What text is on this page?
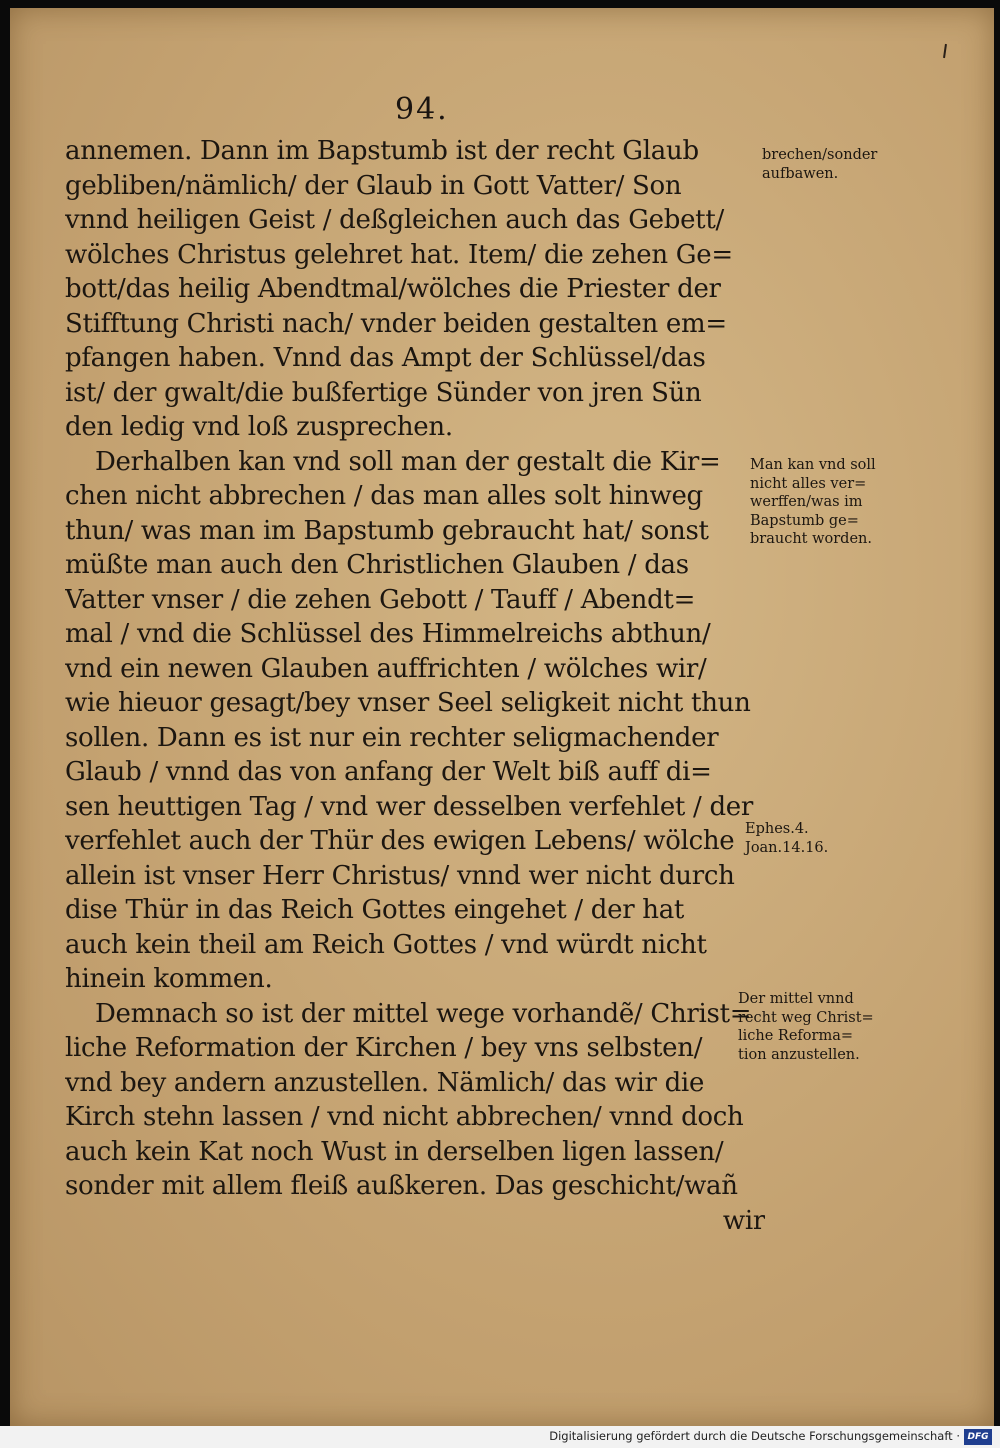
94.
annemen. Dann im Bapstumb ist der recht Glaub
gebliben/nämlich/ der Glaub in Gott Vatter/ Son
vnnd heiligen Geist / deßgleichen auch das Gebett/
wölches Christus gelehret hat. Item/ die zehen Ge=
bott/das heilig Abendtmal/wölches die Priester der
Stifftung Christi nach/ vnder beiden gestalten em=
pfangen haben. Vnnd das Ampt der Schlüssel/das
ist/ der gwalt/die bußfertige Sünder von jren Sün
den ledig vnd loß zusprechen.
Derhalben kan vnd soll man der gestalt die Kir=
chen nicht abbrechen / das man alles solt hinweg
thun/ was man im Bapstumb gebraucht hat/ sonst
müßte man auch den Christlichen Glauben / das
Vatter vnser / die zehen Gebott / Tauff / Abendt=
mal / vnd die Schlüssel des Himmelreichs abthun/
vnd ein newen Glauben auffrichten / wölches wir/
wie hieuor gesagt/bey vnser Seel seligkeit nicht thun
sollen. Dann es ist nur ein rechter seligmachender
Glaub / vnnd das von anfang der Welt biß auff di=
sen heuttigen Tag / vnd wer desselben verfehlet / der
verfehlet auch der Thür des ewigen Lebens/ wölche
allein ist vnser Herr Christus/ vnnd wer nicht durch
dise Thür in das Reich Gottes eingehet / der hat
auch kein theil am Reich Gottes / vnd würdt nicht
hinein kommen.
Demnach so ist der mittel wege vorhandẽ/ Christ=
liche Reformation der Kirchen / bey vns selbsten/
vnd bey andern anzustellen. Nämlich/ das wir die
Kirch stehn lassen / vnd nicht abbrechen/ vnnd doch
auch kein Kat noch Wust in derselben ligen lassen/
sonder mit allem fleiß außkeren. Das geschicht/wañ
wir
brechen/sonder
aufbawen.
Man kan vnd soll
nicht alles ver=
werffen/was im
Bapstumb ge=
braucht worden.
Ephes.4.
Joan.14.16.
Der mittel vnnd
recht weg Christ=
liche Reforma=
tion anzustellen.
Digitalisierung gefördert durch die Deutsche Forschungsgemeinschaft · DFG
